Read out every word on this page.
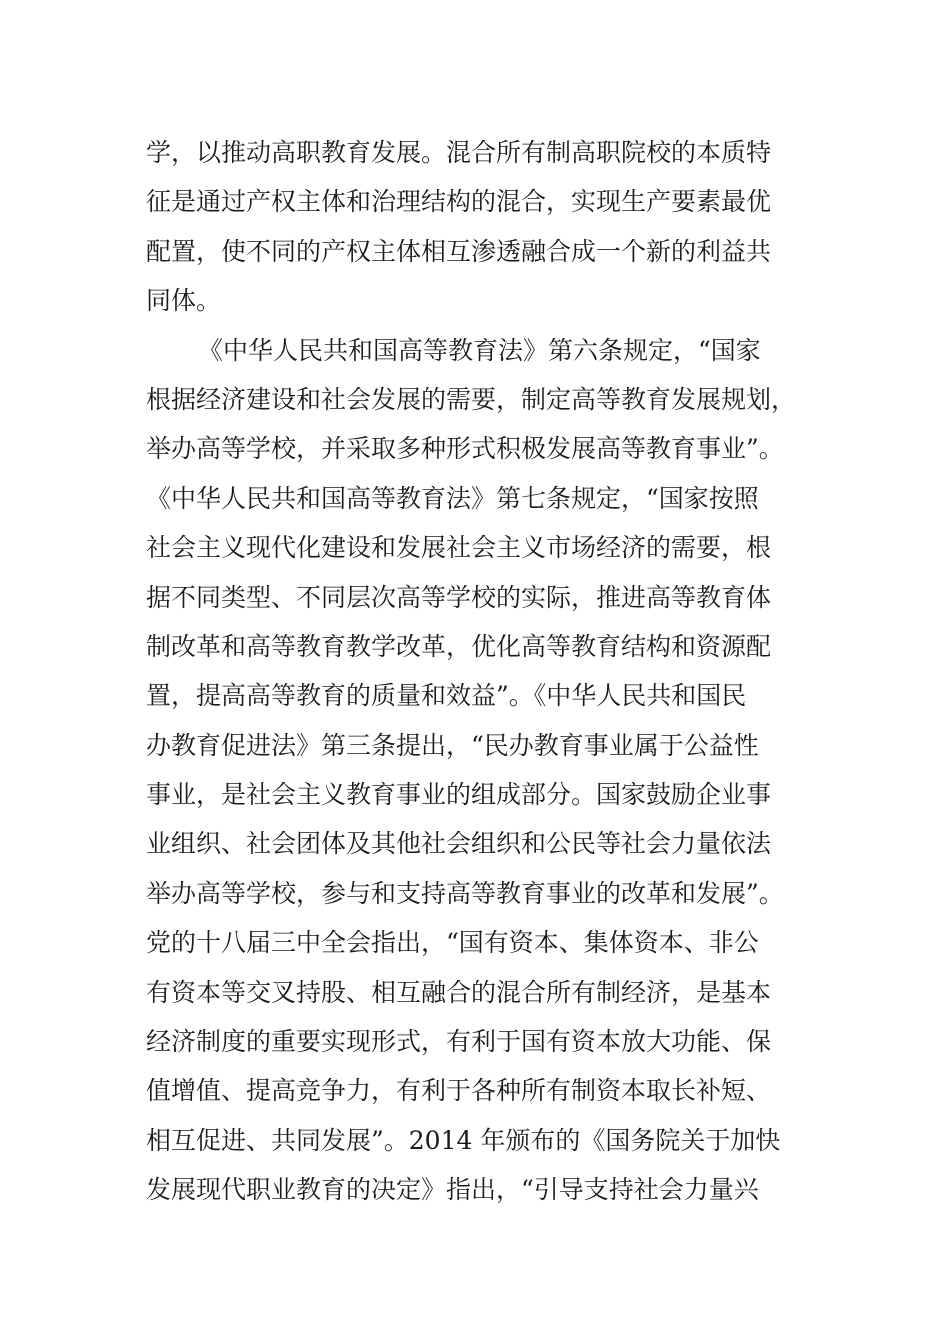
学，以推动高职教育发展。混合所有制高职院校的本质特
征是通过产权主体和治理结构的混合，实现生产要素最优
配置，使不同的产权主体相互渗透融合成一个新的利益共
同体。
《中华人民共和国高等教育法》第六条规定，“国家
根据经济建设和社会发展的需要，制定高等教育发展规划，
举办高等学校，并采取多种形式积极发展高等教育事业”。
《中华人民共和国高等教育法》第七条规定，“国家按照
社会主义现代化建设和发展社会主义市场经济的需要，根
据不同类型、不同层次高等学校的实际，推进高等教育体
制改革和高等教育教学改革，优化高等教育结构和资源配
置，提高高等教育的质量和效益”。《中华人民共和国民
办教育促进法》第三条提出，“民办教育事业属于公益性
事业，是社会主义教育事业的组成部分。国家鼓励企业事
业组织、社会团体及其他社会组织和公民等社会力量依法
举办高等学校，参与和支持高等教育事业的改革和发展”。
党的十八届三中全会指出，“国有资本、集体资本、非公
有资本等交叉持股、相互融合的混合所有制经济，是基本
经济制度的重要实现形式，有利于国有资本放大功能、保
值增值、提高竞争力，有利于各种所有制资本取长补短、
相互促进、共同发展”。2014 年颁布的《国务院关于加快
发展现代职业教育的决定》指出，“引导支持社会力量兴
